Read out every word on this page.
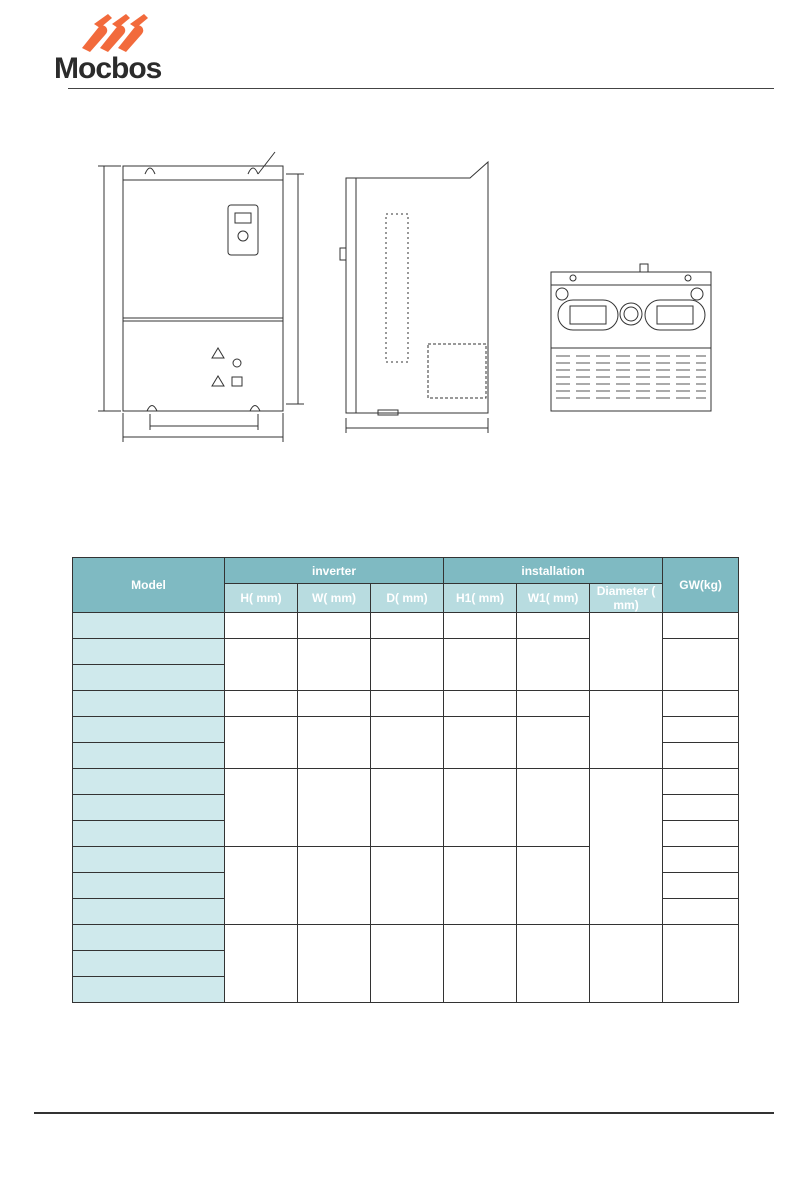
Mocbos
Model	inverter			installation			GW(kg)
	H( mm)	W( mm)	D( mm)	H1( mm)	W1( mm)	Diameter ( mm)	
